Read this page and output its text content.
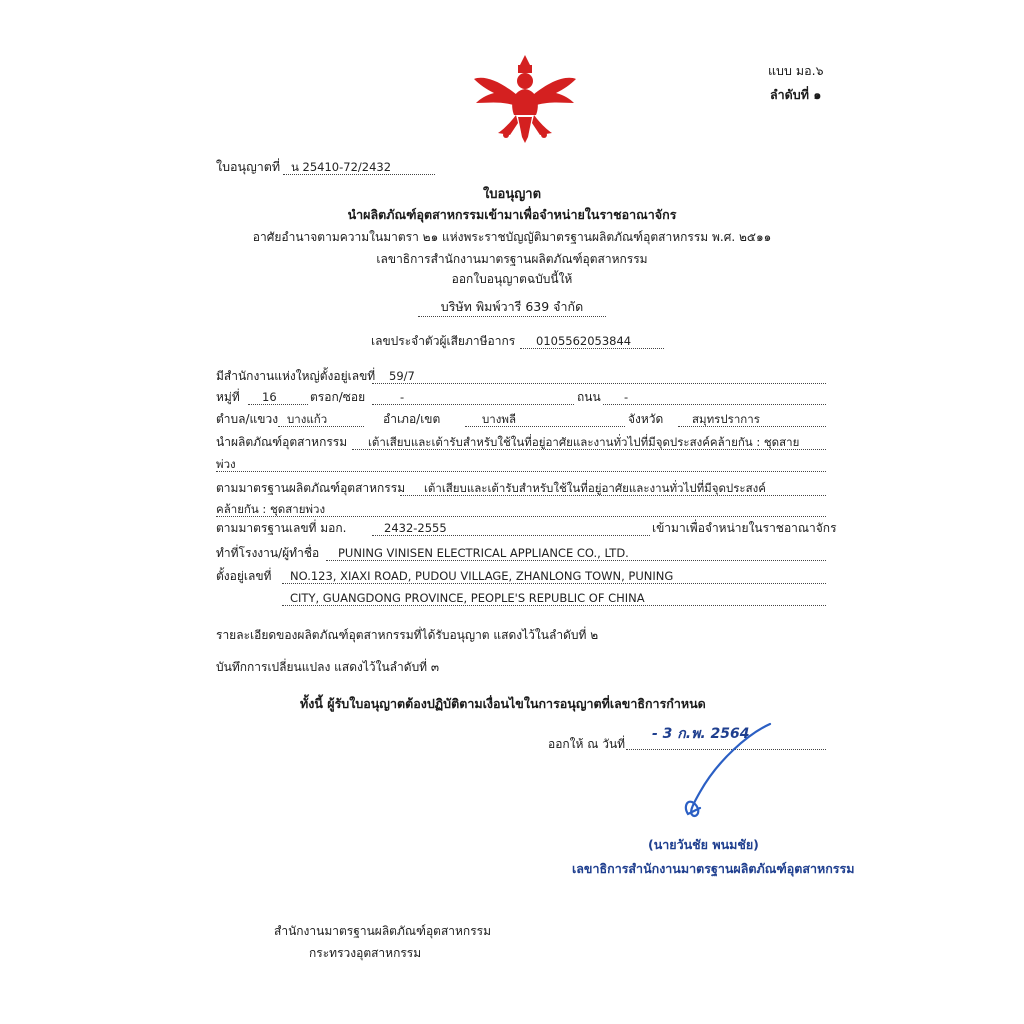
แบบ มอ.๖
ลำดับที่ ๑
ใบอนุญาตที่ น 25410-72/2432
ใบอนุญาต
นำผลิตภัณฑ์อุตสาหกรรมเข้ามาเพื่อจำหน่ายในราชอาณาจักร
อาศัยอำนาจตามความในมาตรา ๒๑ แห่งพระราชบัญญัติมาตรฐานผลิตภัณฑ์อุตสาหกรรม พ.ศ. ๒๕๑๑
เลขาธิการสำนักงานมาตรฐานผลิตภัณฑ์อุตสาหกรรม
ออกใบอนุญาตฉบับนี้ให้
บริษัท พิมพ์วารี 639 จำกัด
เลขประจำตัวผู้เสียภาษีอากร 0105562053844
มีสำนักงานแห่งใหญ่ตั้งอยู่เลขที่ 59/7
หมู่ที่ 16	ตรอก/ซอย	-	ถนน -
ตำบล/แขวง บางแก้ว	อำเภอ/เขต	บางพลี	จังหวัด สมุทรปราการ
นำผลิตภัณฑ์อุตสาหกรรม เต้าเสียบและเต้ารับสำหรับใช้ในที่อยู่อาศัยและงานทั่วไปที่มีจุดประสงค์คล้ายกัน : ชุดสาย
พ่วง
ตามมาตรฐานผลิตภัณฑ์อุตสาหกรรม เต้าเสียบและเต้ารับสำหรับใช้ในที่อยู่อาศัยและงานทั่วไปที่มีจุดประสงค์
คล้ายกัน : ชุดสายพ่วง
ตามมาตรฐานเลขที่ มอก.	2432-2555	เข้ามาเพื่อจำหน่ายในราชอาณาจักร
ทำที่โรงงาน/ผู้ทำชื่อ PUNING VINISEN ELECTRICAL APPLIANCE CO., LTD.
ตั้งอยู่เลขที่ NO.123, XIAXI ROAD, PUDOU VILLAGE, ZHANLONG TOWN, PUNING
CITY, GUANGDONG PROVINCE, PEOPLE'S REPUBLIC OF CHINA
รายละเอียดของผลิตภัณฑ์อุตสาหกรรมที่ได้รับอนุญาต แสดงไว้ในลำดับที่ ๒
บันทึกการเปลี่ยนแปลง แสดงไว้ในลำดับที่ ๓
ทั้งนี้ ผู้รับใบอนุญาตต้องปฏิบัติตามเงื่อนไขในการอนุญาตที่เลขาธิการกำหนด
ออกให้ ณ วันที่
- 3 ก.พ. 2564
(นายวันชัย พนมชัย)
เลขาธิการสำนักงานมาตรฐานผลิตภัณฑ์อุตสาหกรรม
สำนักงานมาตรฐานผลิตภัณฑ์อุตสาหกรรม
กระทรวงอุตสาหกรรม
